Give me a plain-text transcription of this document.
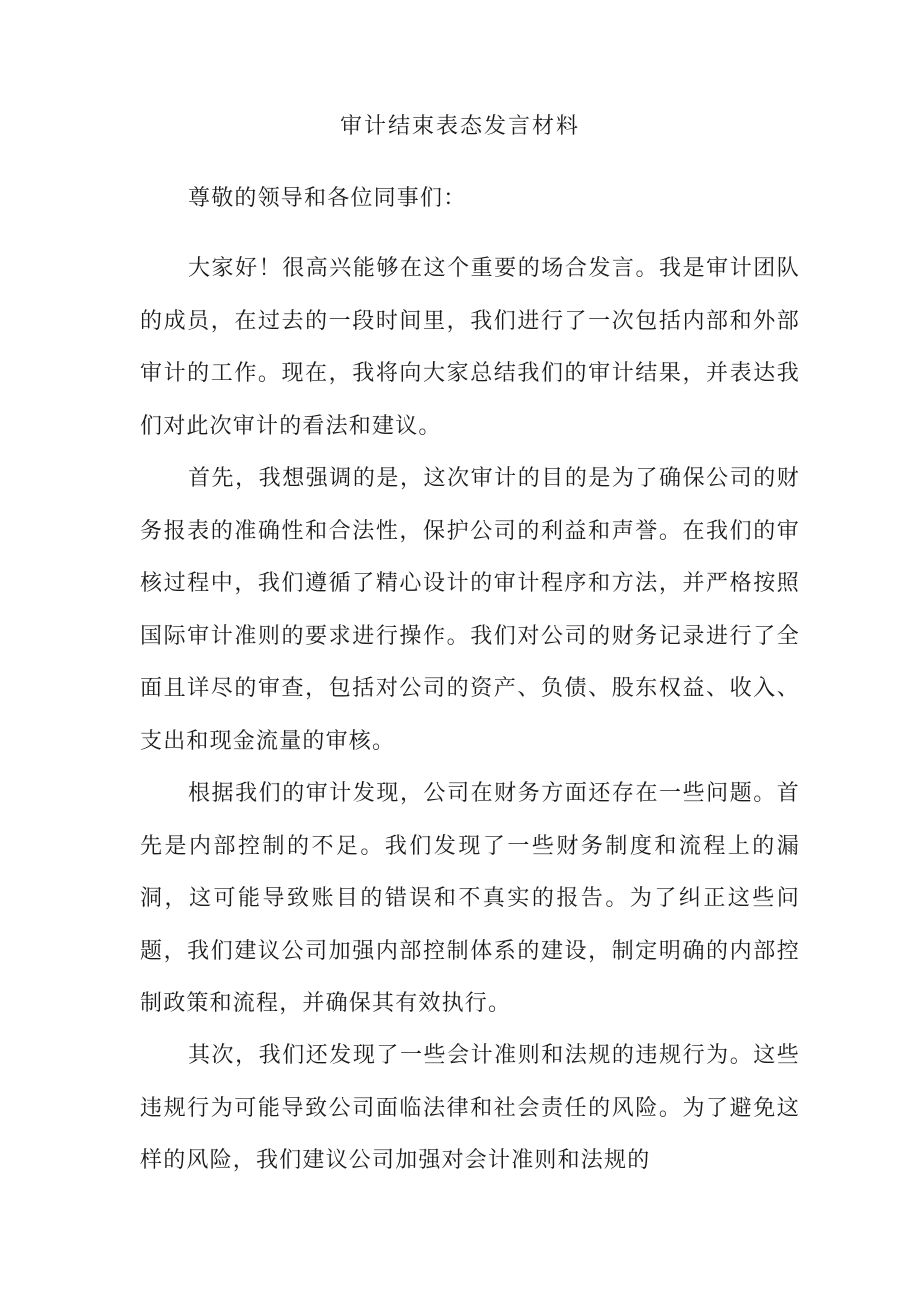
审计结束表态发言材料

尊敬的领导和各位同事们：

大家好！很高兴能够在这个重要的场合发言。我是审计团队的成员，在过去的一段时间里，我们进行了一次包括内部和外部审计的工作。现在，我将向大家总结我们的审计结果，并表达我们对此次审计的看法和建议。

首先，我想强调的是，这次审计的目的是为了确保公司的财务报表的准确性和合法性，保护公司的利益和声誉。在我们的审核过程中，我们遵循了精心设计的审计程序和方法，并严格按照国际审计准则的要求进行操作。我们对公司的财务记录进行了全面且详尽的审查，包括对公司的资产、负债、股东权益、收入、支出和现金流量的审核。

根据我们的审计发现，公司在财务方面还存在一些问题。首先是内部控制的不足。我们发现了一些财务制度和流程上的漏洞，这可能导致账目的错误和不真实的报告。为了纠正这些问题，我们建议公司加强内部控制体系的建设，制定明确的内部控制政策和流程，并确保其有效执行。

其次，我们还发现了一些会计准则和法规的违规行为。这些违规行为可能导致公司面临法律和社会责任的风险。为了避免这样的风险，我们建议公司加强对会计准则和法规的
